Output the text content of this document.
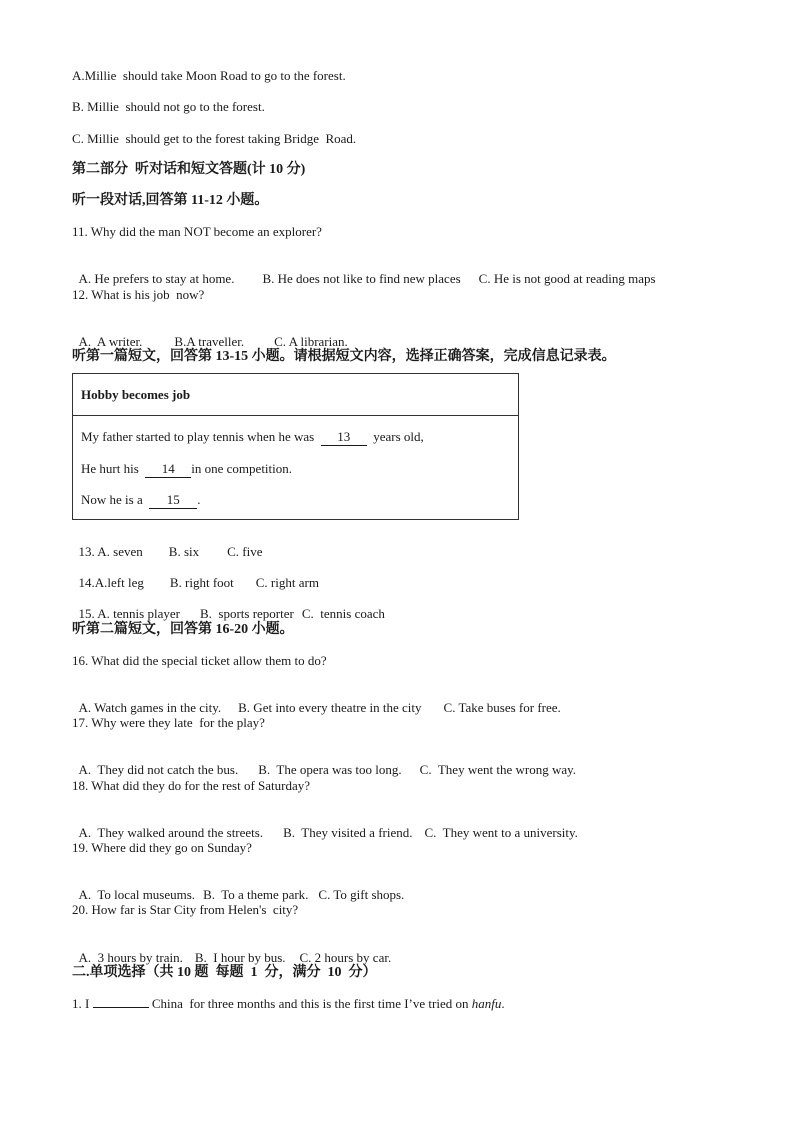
A.Millie  should take Moon Road to go to the forest.
B. Millie  should not go to the forest.
C. Millie  should get to the forest taking Bridge  Road.
第二部分  听对话和短文答题(计 10 分)
听一段对话,回答第 11-12 小题。
11. Why did the man NOT become an explorer?

A. He prefers to stay at home. B. He does not like to find new places C. He is not good at reading maps

12. What is his job  now?

A.  A writer. B.A traveller. C. A librarian.

听第一篇短文，回答第 13-15 小题。请根据短文内容，选择正确答案，完成信息记录表。
Hobby becomes job
My father started to play tennis when he was  13  years old,
He hurt his  14 in one competition.
Now he is a  15 .

13. A. seven B. six C. five

14.A.left leg B. right foot C. right arm

15. A. tennis player B.  sports reporter C.  tennis coach

听第二篇短文，回答第 16-20 小题。
16. What did the special ticket allow them to do?

A. Watch games in the city. B. Get into every theatre in the city C. Take buses for free.

17. Why were they late  for the play?

A.  They did not catch the bus. B.  The opera was too long. C.  They went the wrong way.

18. What did they do for the rest of Saturday?

A.  They walked around the streets. B.  They visited a friend. C.  They went to a university.

19. Where did they go on Sunday?

A.  To local museums. B.  To a theme park. C. To gift shops.

20. How far is Star City from Helen's  city?

A.  3 hours by train. B.  I hour by bus. C. 2 hours by car.

二.单项选择（共 10 题  每题  1  分，满分  10  分）
1. I	China  for three months and this is the first time I’ve tried on hanfu.
